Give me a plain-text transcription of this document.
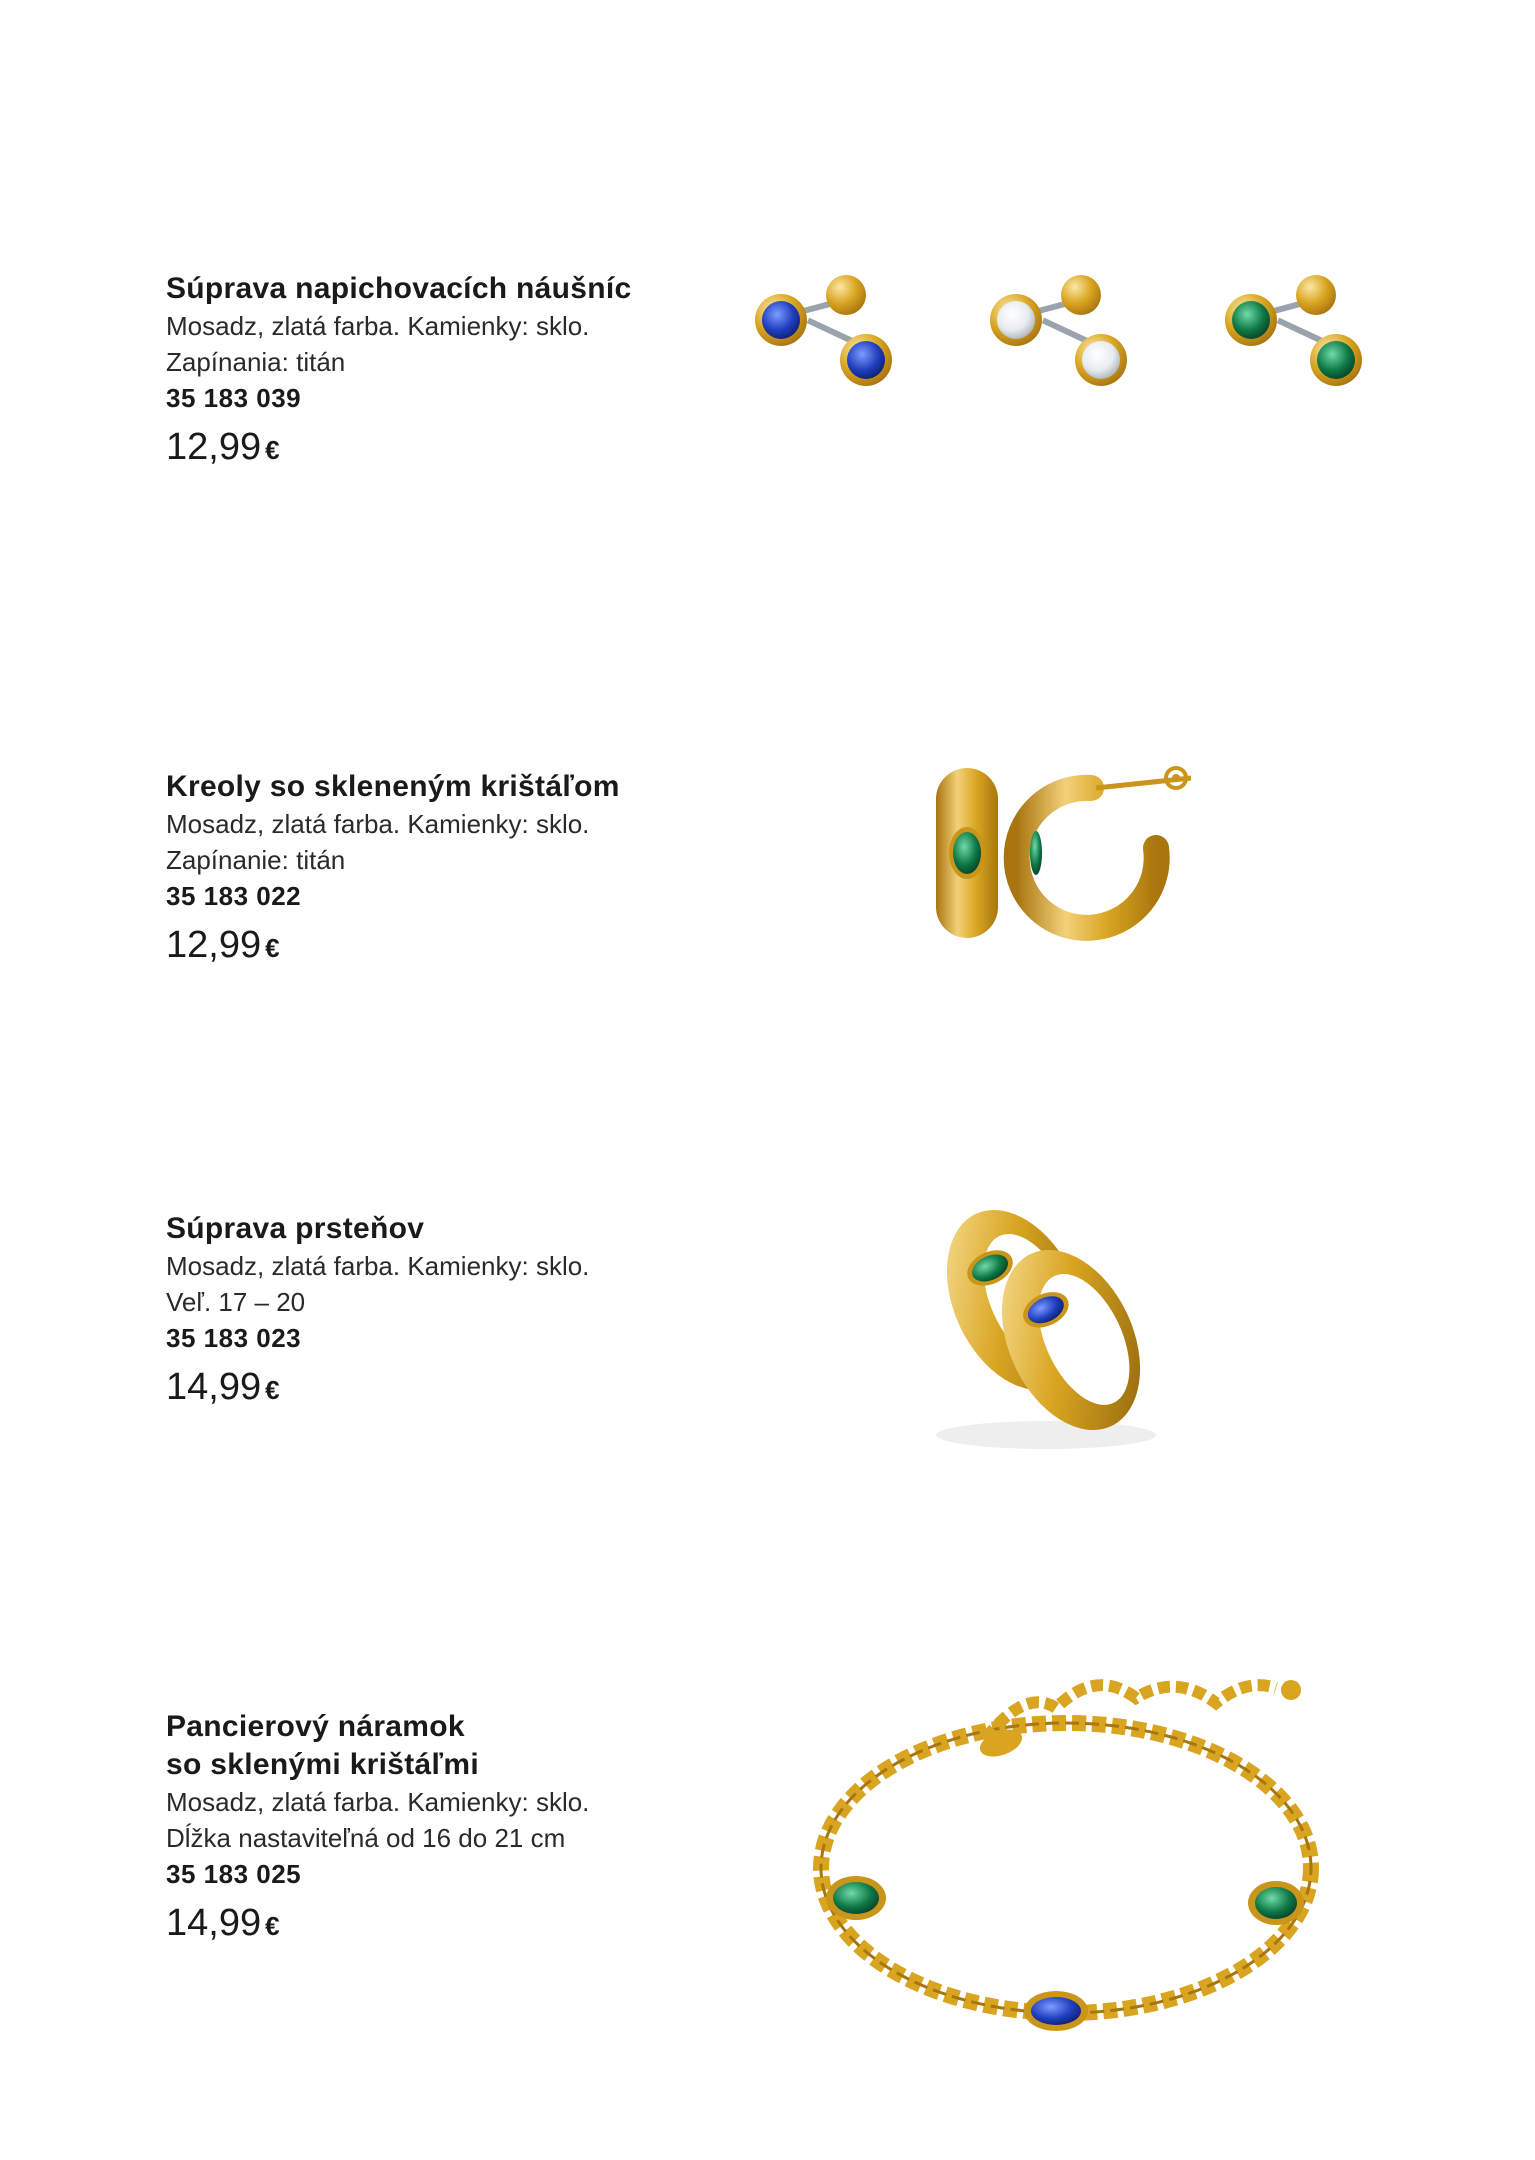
Súprava napichovacích náušníc

Mosadz, zlatá farba. Kamienky: sklo.

Zapínania: titán

35 183 039

12,99 €

Kreoly so skleneným krištáľom

Mosadz, zlatá farba. Kamienky: sklo.

Zapínanie: titán

35 183 022

12,99 €

Súprava prsteňov

Mosadz, zlatá farba. Kamienky: sklo.

Veľ. 17 – 20

35 183 023

14,99 €

Pancierový náramok

so sklenými krištáľmi

Mosadz, zlatá farba. Kamienky: sklo.

Dĺžka nastaviteľná od 16 do 21 cm

35 183 025

14,99 €
